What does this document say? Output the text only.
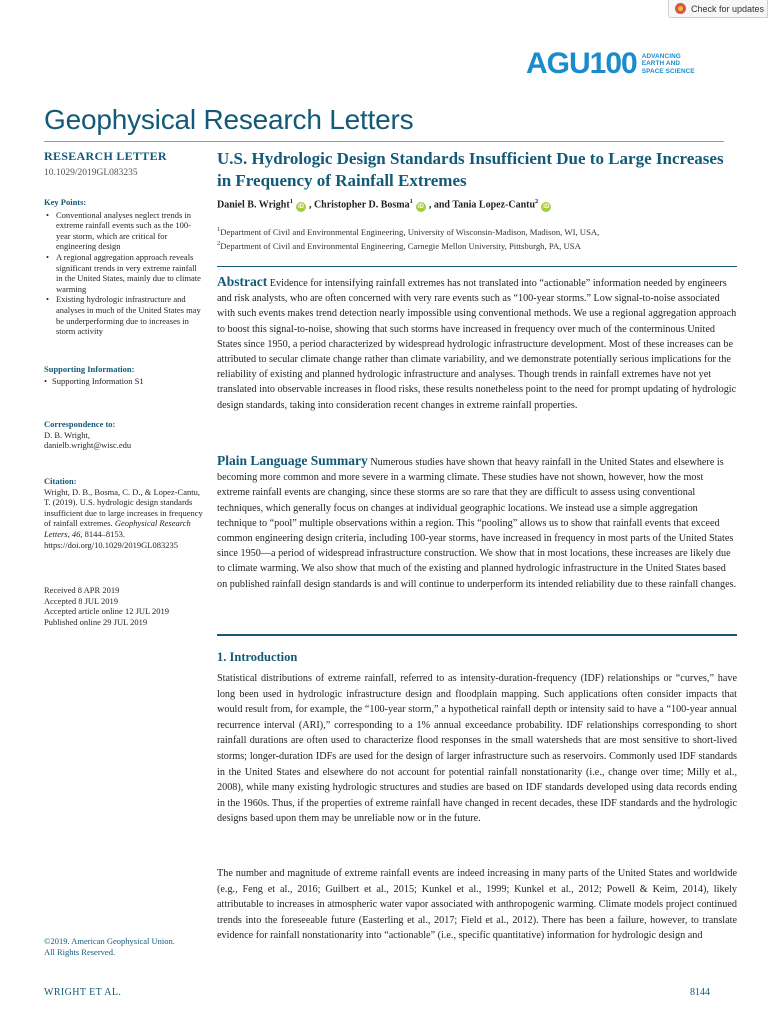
Check for updates
AGU100 ADVANCING
EARTH AND
SPACE SCIENCE
Geophysical Research Letters
RESEARCH LETTER
10.1029/2019GL083235
Key Points:
• Conventional analyses neglect trends in extreme rainfall events such as the 100-year storm, which are critical for engineering design
• A regional aggregation approach reveals significant trends in very extreme rainfall in the United States, mainly due to climate warming
• Existing hydrologic infrastructure and analyses in much of the United States may be underperforming due to increases in storm activity
Supporting Information:
• Supporting Information S1
Correspondence to:
D. B. Wright,
danielb.wright@wisc.edu
Citation:
Wright, D. B., Bosma, C. D., & Lopez-Cantu, T. (2019). U.S. hydrologic design standards insufficient due to large increases in frequency of rainfall extremes. Geophysical Research Letters, 46, 8144–8153. https://doi.org/10.1029/2019GL083235
Received 8 APR 2019
Accepted 8 JUL 2019
Accepted article online 12 JUL 2019
Published online 29 JUL 2019
©2019. American Geophysical Union.
All Rights Reserved.
U.S. Hydrologic Design Standards Insufficient Due to Large Increases in Frequency of Rainfall Extremes
Daniel B. Wright$^1$iD , Christopher D. Bosma$^1$iD , and Tania Lopez-Cantu$^2$iD
$^1$Department of Civil and Environmental Engineering, University of Wisconsin-Madison, Madison, WI, USA,
$^2$Department of Civil and Environmental Engineering, Carnegie Mellon University, Pittsburgh, PA, USA
Abstract Evidence for intensifying rainfall extremes has not translated into “actionable” information needed by engineers and risk analysts, who are often concerned with very rare events such as “100-year storms.” Low signal-to-noise associated with such events makes trend detection nearly impossible using conventional methods. We use a regional aggregation approach to boost this signal-to-noise, showing that such storms have increased in frequency over much of the conterminous United States since 1950, a period characterized by widespread hydrologic infrastructure development. Most of these increases can be attributed to secular climate change rather than climate variability, and we demonstrate potentially serious implications for the reliability of existing and planned hydrologic infrastructure and analyses. Though trends in rainfall extremes have not yet translated into observable increases in flood risks, these results nonetheless point to the need for prompt updating of hydrologic design standards, taking into consideration recent changes in extreme rainfall properties.
Plain Language Summary Numerous studies have shown that heavy rainfall in the United States and elsewhere is becoming more common and more severe in a warming climate. These studies have not shown, however, how the most extreme rainfall events are changing, since these storms are so rare that they are difficult to assess using conventional techniques, which generally focus on changes at individual geographic locations. We instead use a simple aggregation technique to “pool” multiple observations within a region. This “pooling” allows us to show that rainfall events that exceed common engineering design criteria, including 100-year storms, have increased in frequency in most parts of the United States since 1950—a period of widespread infrastructure construction. We show that in most locations, these increases are likely due to climate warming. We also show that much of the existing and planned hydrologic infrastructure in the United States based on published rainfall design standards is and will continue to underperform its intended reliability due to these rainfall changes.
1. Introduction
Statistical distributions of extreme rainfall, referred to as intensity-duration-frequency (IDF) relationships or “curves,” have long been used in hydrologic infrastructure design and floodplain mapping. Such applications often consider impacts that would result from, for example, the “100-year storm,” a hypothetical rainfall depth or intensity said to have a “100-year annual recurrence interval (ARI),” corresponding to a 1% annual exceedance probability. IDF relationships corresponding to short rainfall durations are often used to characterize flood responses in the small watersheds that are most sensitive to short-lived storms; longer-duration IDFs are used for the design of larger infrastructure such as reservoirs. Commonly used IDF standards in the United States and elsewhere do not account for potential rainfall nonstationarity (i.e., change over time; Milly et al., 2008), while many existing hydrologic structures and studies are based on IDF standards developed using data records ending in the 1960s. Thus, if the properties of extreme rainfall have changed in recent decades, these IDF standards and the hydrologic designs based upon them may be unreliable now or in the future.
The number and magnitude of extreme rainfall events are indeed increasing in many parts of the United States and worldwide (e.g., Feng et al., 2016; Guilbert et al., 2015; Kunkel et al., 1999; Kunkel et al., 2012; Powell & Keim, 2014), likely attributable to increases in atmospheric water vapor associated with anthropogenic warming. Climate models project continued trends into the foreseeable future (Easterling et al., 2017; Field et al., 2012). There has been a failure, however, to translate evidence for rainfall nonstationarity into “actionable” (i.e., specific quantitative) information for hydrologic design and
WRIGHT ET AL.	8144
